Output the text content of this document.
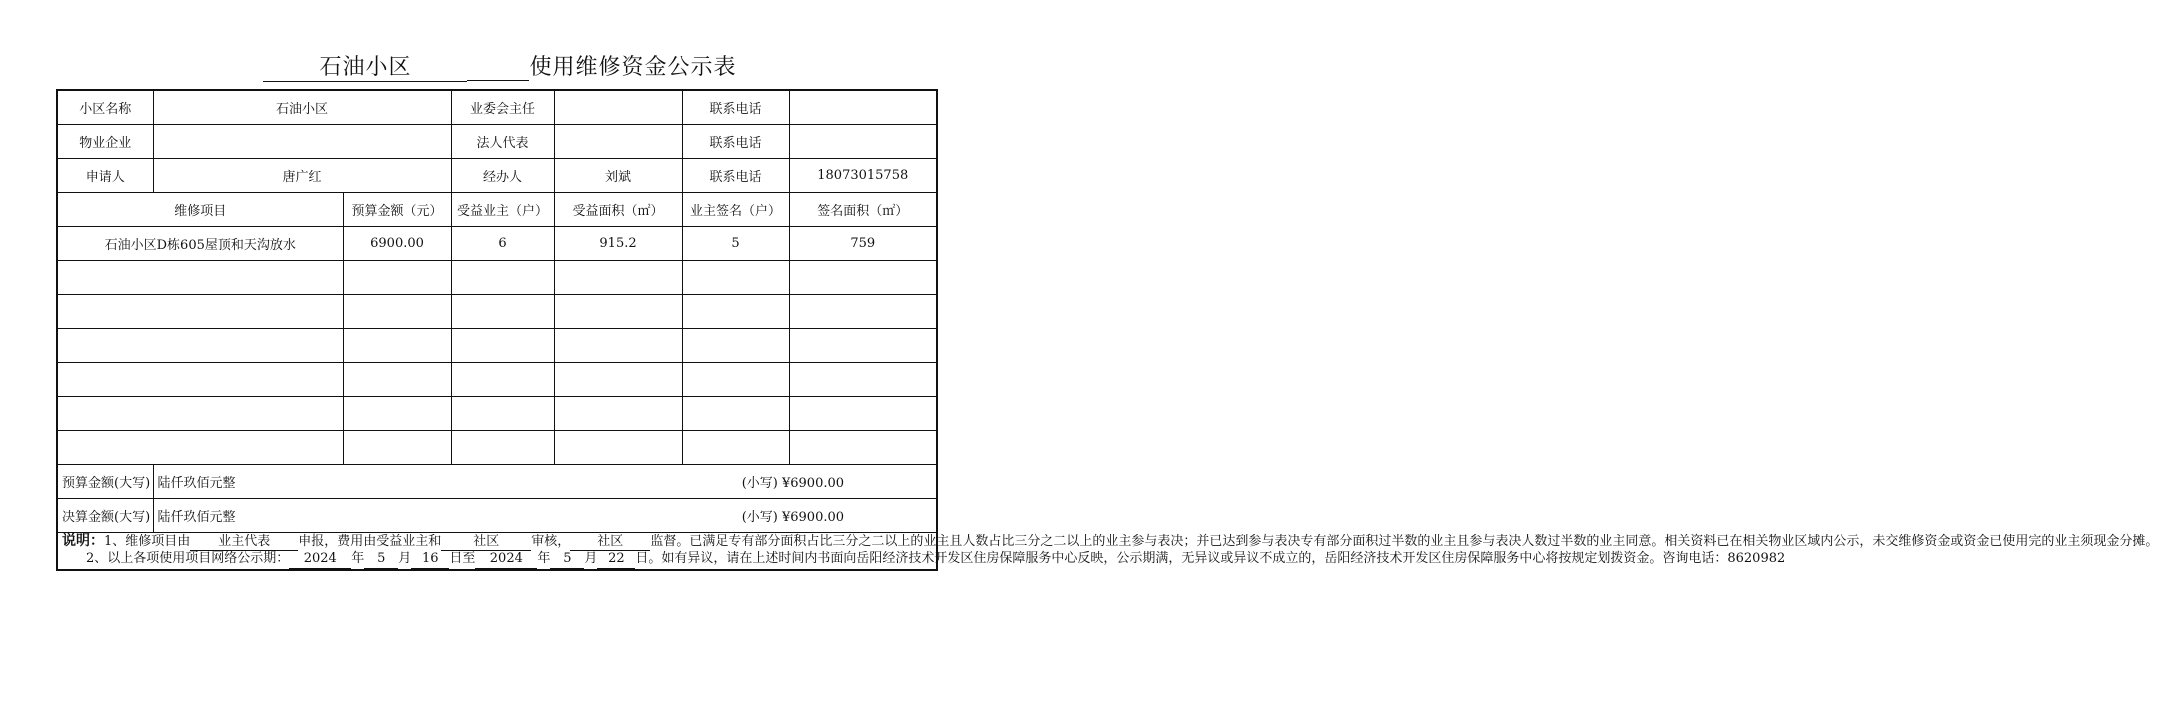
石油小区	使用维修资金公示表
小区名称	石油小区		业委会主任		联系电话	
物业企业			法人代表		联系电话	
申请人	唐广红		经办人	刘斌	联系电话	18073015758
维修项目		预算金额（元）	受益业主（户）	受益面积（㎡）	业主签名（户）	签名面积（㎡）
石油小区D栋605屋顶和天沟放水		6900.00	6	915.2	5	759

预算金额(大写)	陆仟玖佰元整 (小写) ¥6900.00					

决算金额(大写)	陆仟玖佰元整 (小写) ¥6900.00					

说明：1、维修项目由 业主代表 申报，费用由受益业主和 社区 审核， 社区 监督。已满足专有部分面积占比三分之二以上的业主且人数占比三分之二以上的业主参与表决；并已达到参与表决专有部分面积过半数的业主且参与表决人数过半数的业主同意。相关资料已在相关物业区域内公示，未交维修资金或资金已使用完的业主须现金分摊。
2、以上各项使用项目网络公示期： 2024 年 5 月 16 日至 2024 年 5 月 22 日。如有异议，请在上述时间内书面向岳阳经济技术开发区住房保障服务中心反映，公示期满，无异议或异议不成立的，岳阳经济技术开发区住房保障服务中心将按规定划拨资金。咨询电话：8620982						
